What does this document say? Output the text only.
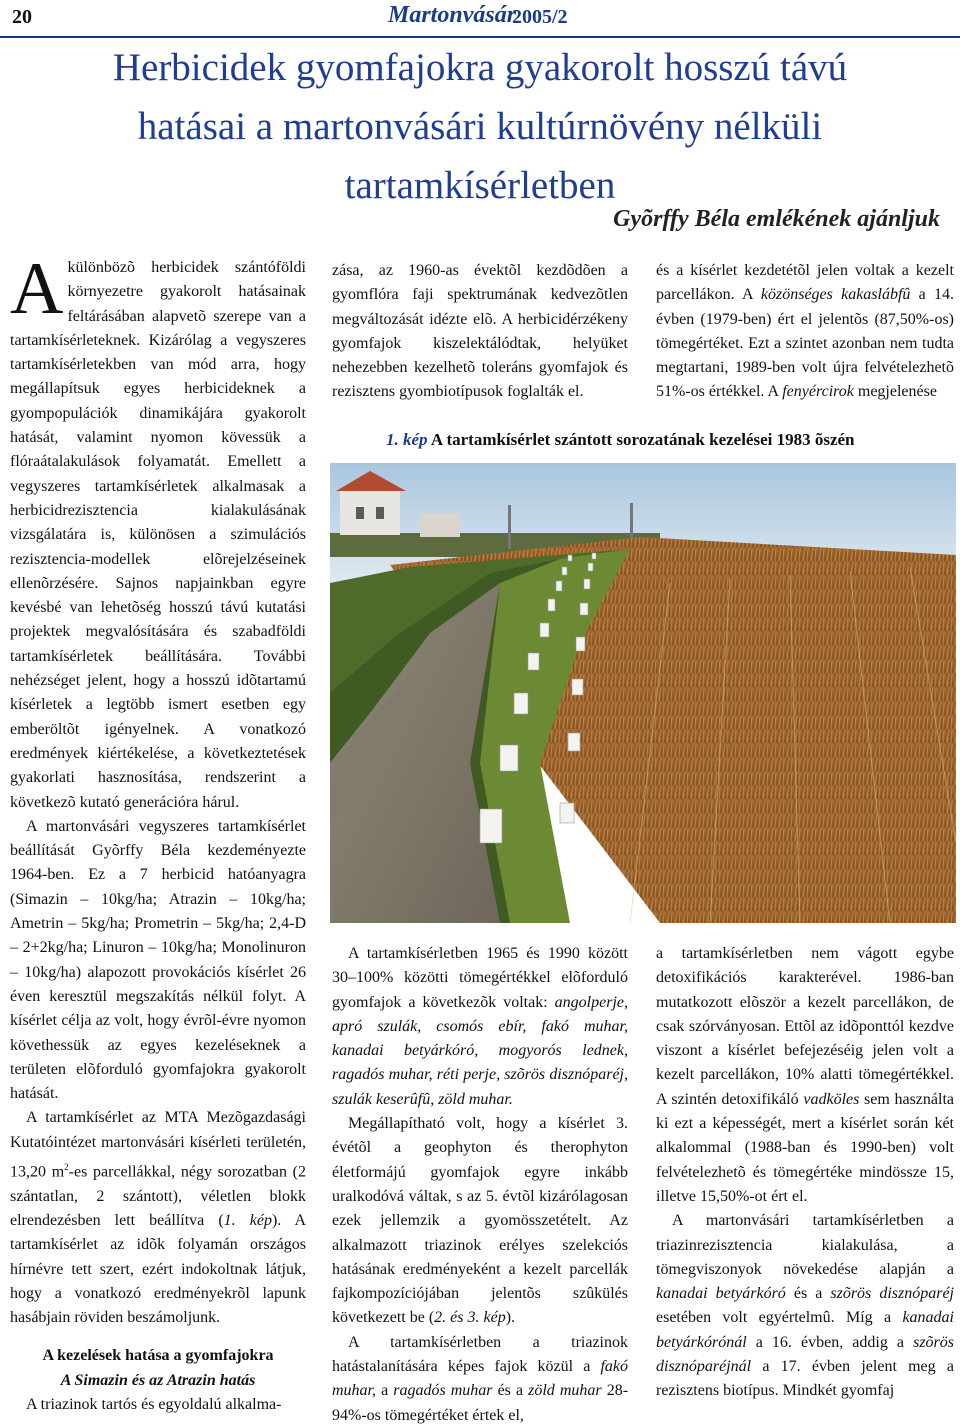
20	Martonvásár
2005/2
Herbicidek gyomfajokra gyakorolt hosszú távú
hatásai a martonvásári kultúrnövény nélküli
tartamkísérletben
Gyõrffy Béla emlékének ajánljuk

Akülönbözõ herbicidek szántóföldi környezetre gyakorolt hatásainak feltárásában alapvetõ szerepe van a tartamkísérleteknek. Kizárólag a vegyszeres tartamkísérletekben van mód arra, hogy megállapítsuk egyes herbicideknek a gyompopulációk dinamikájára gyakorolt hatását, valamint nyomon kövessük a flóraátalakulások folyamatát. Emellett a vegyszeres tartamkísérletek alkalmasak a herbicidrezisztencia kialakulásának vizsgálatára is, különösen a szimulációs rezisztencia-modellek elõrejelzéseinek ellenõrzésére. Sajnos napjainkban egyre kevésbé van lehetõség hosszú távú kutatási projektek megvalósítására és szabadföldi tartamkísérletek beállítására. További nehézséget jelent, hogy a hosszú idõtartamú kísérletek a legtöbb ismert esetben egy emberöltõt igényelnek. A vonatkozó eredmények kiértékelése, a következtetések gyakorlati hasznosítása, rendszerint a következõ kutató generációra hárul.

A martonvásári vegyszeres tartamkísérlet beállítását Gyõrffy Béla kezdeményezte 1964-ben. Ez a 7 herbicid hatóanyagra (Simazin – 10kg/ha; Atrazin – 10kg/ha; Ametrin – 5kg/ha; Prometrin – 5kg/ha; 2,4-D – 2+2kg/ha; Linuron – 10kg/ha; Monolinuron – 10kg/ha) alapozott provokációs kísérlet 26 éven keresztül megszakítás nélkül folyt. A kísérlet célja az volt, hogy évrõl-évre nyomon követhessük az egyes kezeléseknek a területen elõforduló gyomfajokra gyakorolt hatását.

A tartamkísérlet az MTA Mezõgazdasági Kutatóintézet martonvásári kísérleti területén, 13,20 $m^2-es$ parcellákkal, négy sorozatban (2 szántatlan, 2 szántott), véletlen blokk elrendezésben lett beállítva (1. kép). A tartamkísérlet az idõk folyamán országos hírnévre tett szert, ezért indokoltnak látjuk, hogy a vonatkozó eredményekrõl lapunk hasábjain röviden beszámoljunk.

A kezelések hatása a gyomfajokra

A Simazin és az Atrazin hatás

A triazinok tartós és egyoldalú alkalma-

zása, az 1960-as évektõl kezdõdõen a gyomflóra faji spektrumának kedvezõtlen megváltozását idézte elõ. A herbicidérzékeny gyomfajok kiszelektálódtak, helyüket nehezebben kezelhetõ toleráns gyomfajok és rezisztens gyombiotípusok foglalták el.

és a kísérlet kezdetétõl jelen voltak a kezelt parcellákon. A közönséges kakaslábfû a 14. évben (1979-ben) ért el jelentõs (87,50%-os) tömegértéket. Ezt a szintet azonban nem tudta megtartani, 1989-ben volt újra felvételezhetõ 51%-os értékkel. A fenyércirok megjelenése

1. kép A tartamkísérlet szántott sorozatának kezelései 1983 õszén

A tartamkísérletben 1965 és 1990 között 30–100% közötti tömegértékkel elõforduló gyomfajok a következõk voltak: angolperje, apró szulák, csomós ebír, fakó muhar, kanadai betyárkóró, mogyorós lednek, ragadós muhar, réti perje, szõrös disznóparéj, szulák keserûfû, zöld muhar.

Megállapítható volt, hogy a kísérlet 3. évétõl a geophyton és therophyton életformájú gyomfajok egyre inkább uralkodóvá váltak, s az 5. évtõl kizárólagosan ezek jellemzik a gyomösszetételt. Az alkalmazott triazinok erélyes szelekciós hatásának eredményeként a kezelt parcellák fajkompozíciójában jelentõs szûkülés következett be (2. és 3. kép).

A tartamkísérletben a triazinok hatástalanítására képes fajok közül a fakó muhar, a ragadós muhar és a zöld muhar 28-94%-os tömegértéket értek el,

a tartamkísérletben nem vágott egybe detoxifikációs karakterével. 1986-ban mutatkozott elõször a kezelt parcellákon, de csak szórványosan. Ettõl az idõponttól kezdve viszont a kísérlet befejezéséig jelen volt a kezelt parcellákon, 10% alatti tömegértékkel. A szintén detoxifikáló vadköles sem használta ki ezt a képességét, mert a kísérlet során két alkalommal (1988-ban és 1990-ben) volt felvételezhetõ és tömegértéke mindössze 15, illetve 15,50%-ot ért el.

A martonvásári tartamkísérletben a triazinrezisztencia kialakulása, a tömegviszonyok növekedése alapján a kanadai betyárkóró és a szõrös disznóparéj esetében volt egyértelmû. Míg a kanadai betyárkórónál a 16. évben, addig a szõrös disznóparéjnál a 17. évben jelent meg a rezisztens biotípus. Mindkét gyomfaj
